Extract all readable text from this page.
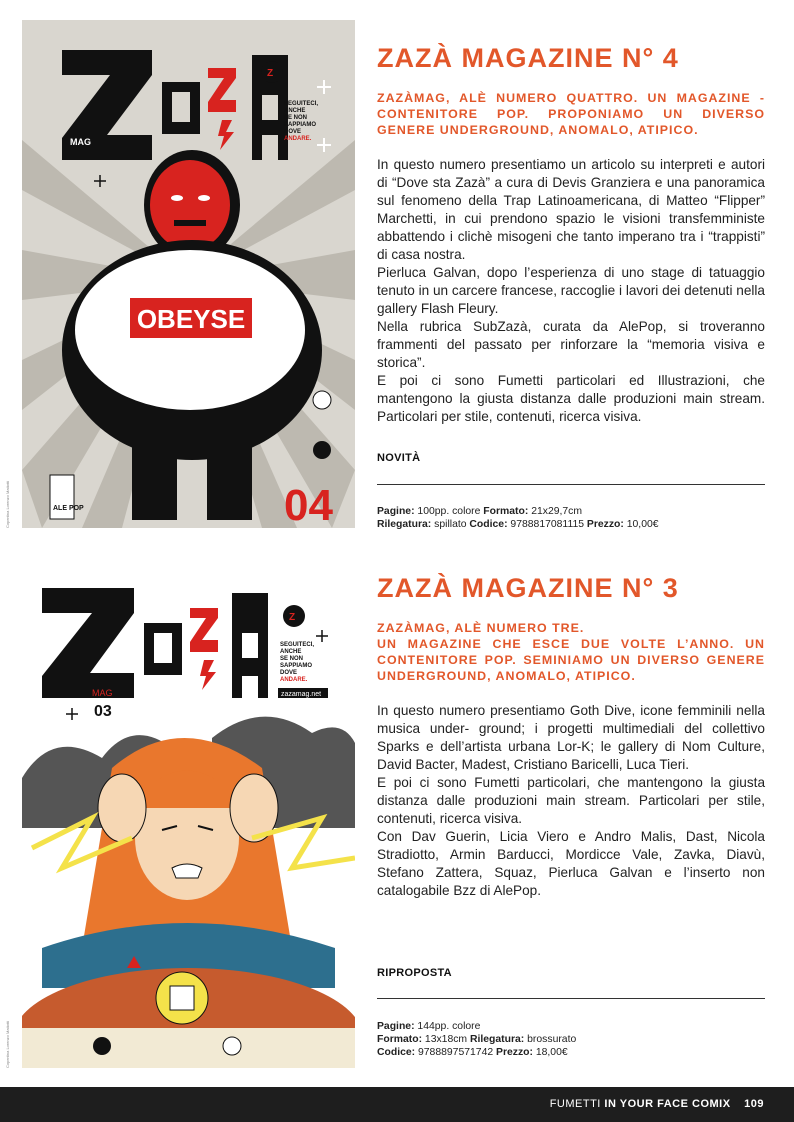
MAG
Z
SEGUITECI,
ANCHE
SE NON
SAPPIAMO
DOVE
ANDARE.
OBEYSE
04
ALE POP
Copertina Lorenzo Mattotti
ZAZÀ MAGAZINE N° 4
ZAZÀMAG, ALÈ NUMERO QUATTRO. UN MAGAZINE - CONTENITORE POP. PROPONIAMO UN DIVERSO GENERE UNDERGROUND, ANOMALO, ATIPICO.

In questo numero presentiamo un articolo su interpreti e autori di “Dove sta Zazà” a cura di Devis Granziera e una panoramica sul fenomeno della Trap Latinoamericana, di Matteo “Flipper” Marchetti, in cui prendono spazio le visioni transfemministe abbattendo i clichè misogeni che tanto imperano tra i “trappisti” di casa nostra.

Pierluca Galvan, dopo l’esperienza di uno stage di tatuaggio tenuto in un carcere francese, raccoglie i lavori dei detenuti nella gallery Flash Fleury.

Nella rubrica SubZazà, curata da AlePop, si troveranno frammenti del passato per rinforzare la “memoria visiva e storica”.

E poi ci sono Fumetti particolari ed Illustrazioni, che mantengono la giusta distanza dalle produzioni main stream. Particolari per stile, contenuti, ricerca visiva.

NOVITÀ
Pagine: 100pp. colore Formato: 21x29,7cm
Rilegatura: spillato Codice: 9788817081115 Prezzo: 10,00€
Z
SEGUITECI,
ANCHE
SE NON
SAPPIAMO
DOVE
ANDARE.
zazamag.net
MAG
03
Copertina Lorenzo Mattotti
ZAZÀ MAGAZINE N° 3
ZAZÀMAG, ALÈ NUMERO TRE.
UN MAGAZINE CHE ESCE DUE VOLTE L’ANNO. UN CONTENITORE POP. SEMINIAMO UN DIVERSO GENERE UNDERGROUND, ANOMALO, ATIPICO.

In questo numero presentiamo Goth Dive, icone femminili nella musica under- ground; i progetti multimediali del collettivo Sparks e dell’artista urbana Lor-K; le gallery di Nom Culture, David Bacter, Madest, Cristiano Baricelli, Luca Tieri.

E poi ci sono Fumetti particolari, che mantengono la giusta distanza dalle produzioni main stream. Particolari per stile, contenuti, ricerca visiva.

Con Dav Guerin, Licia Viero e Andro Malis, Dast, Nicola Stradiotto, Armin Barducci, Mordicce Vale, Zavka, Diavù, Stefano Zattera, Squaz, Pierluca Galvan e l’inserto non catalogabile Bzz di AlePop.

RIPROPOSTA
Pagine: 144pp. colore
Formato: 13x18cm Rilegatura: brossurato
Codice: 9788897571742 Prezzo: 18,00€
FUMETTI IN YOUR FACE COMIX 109
